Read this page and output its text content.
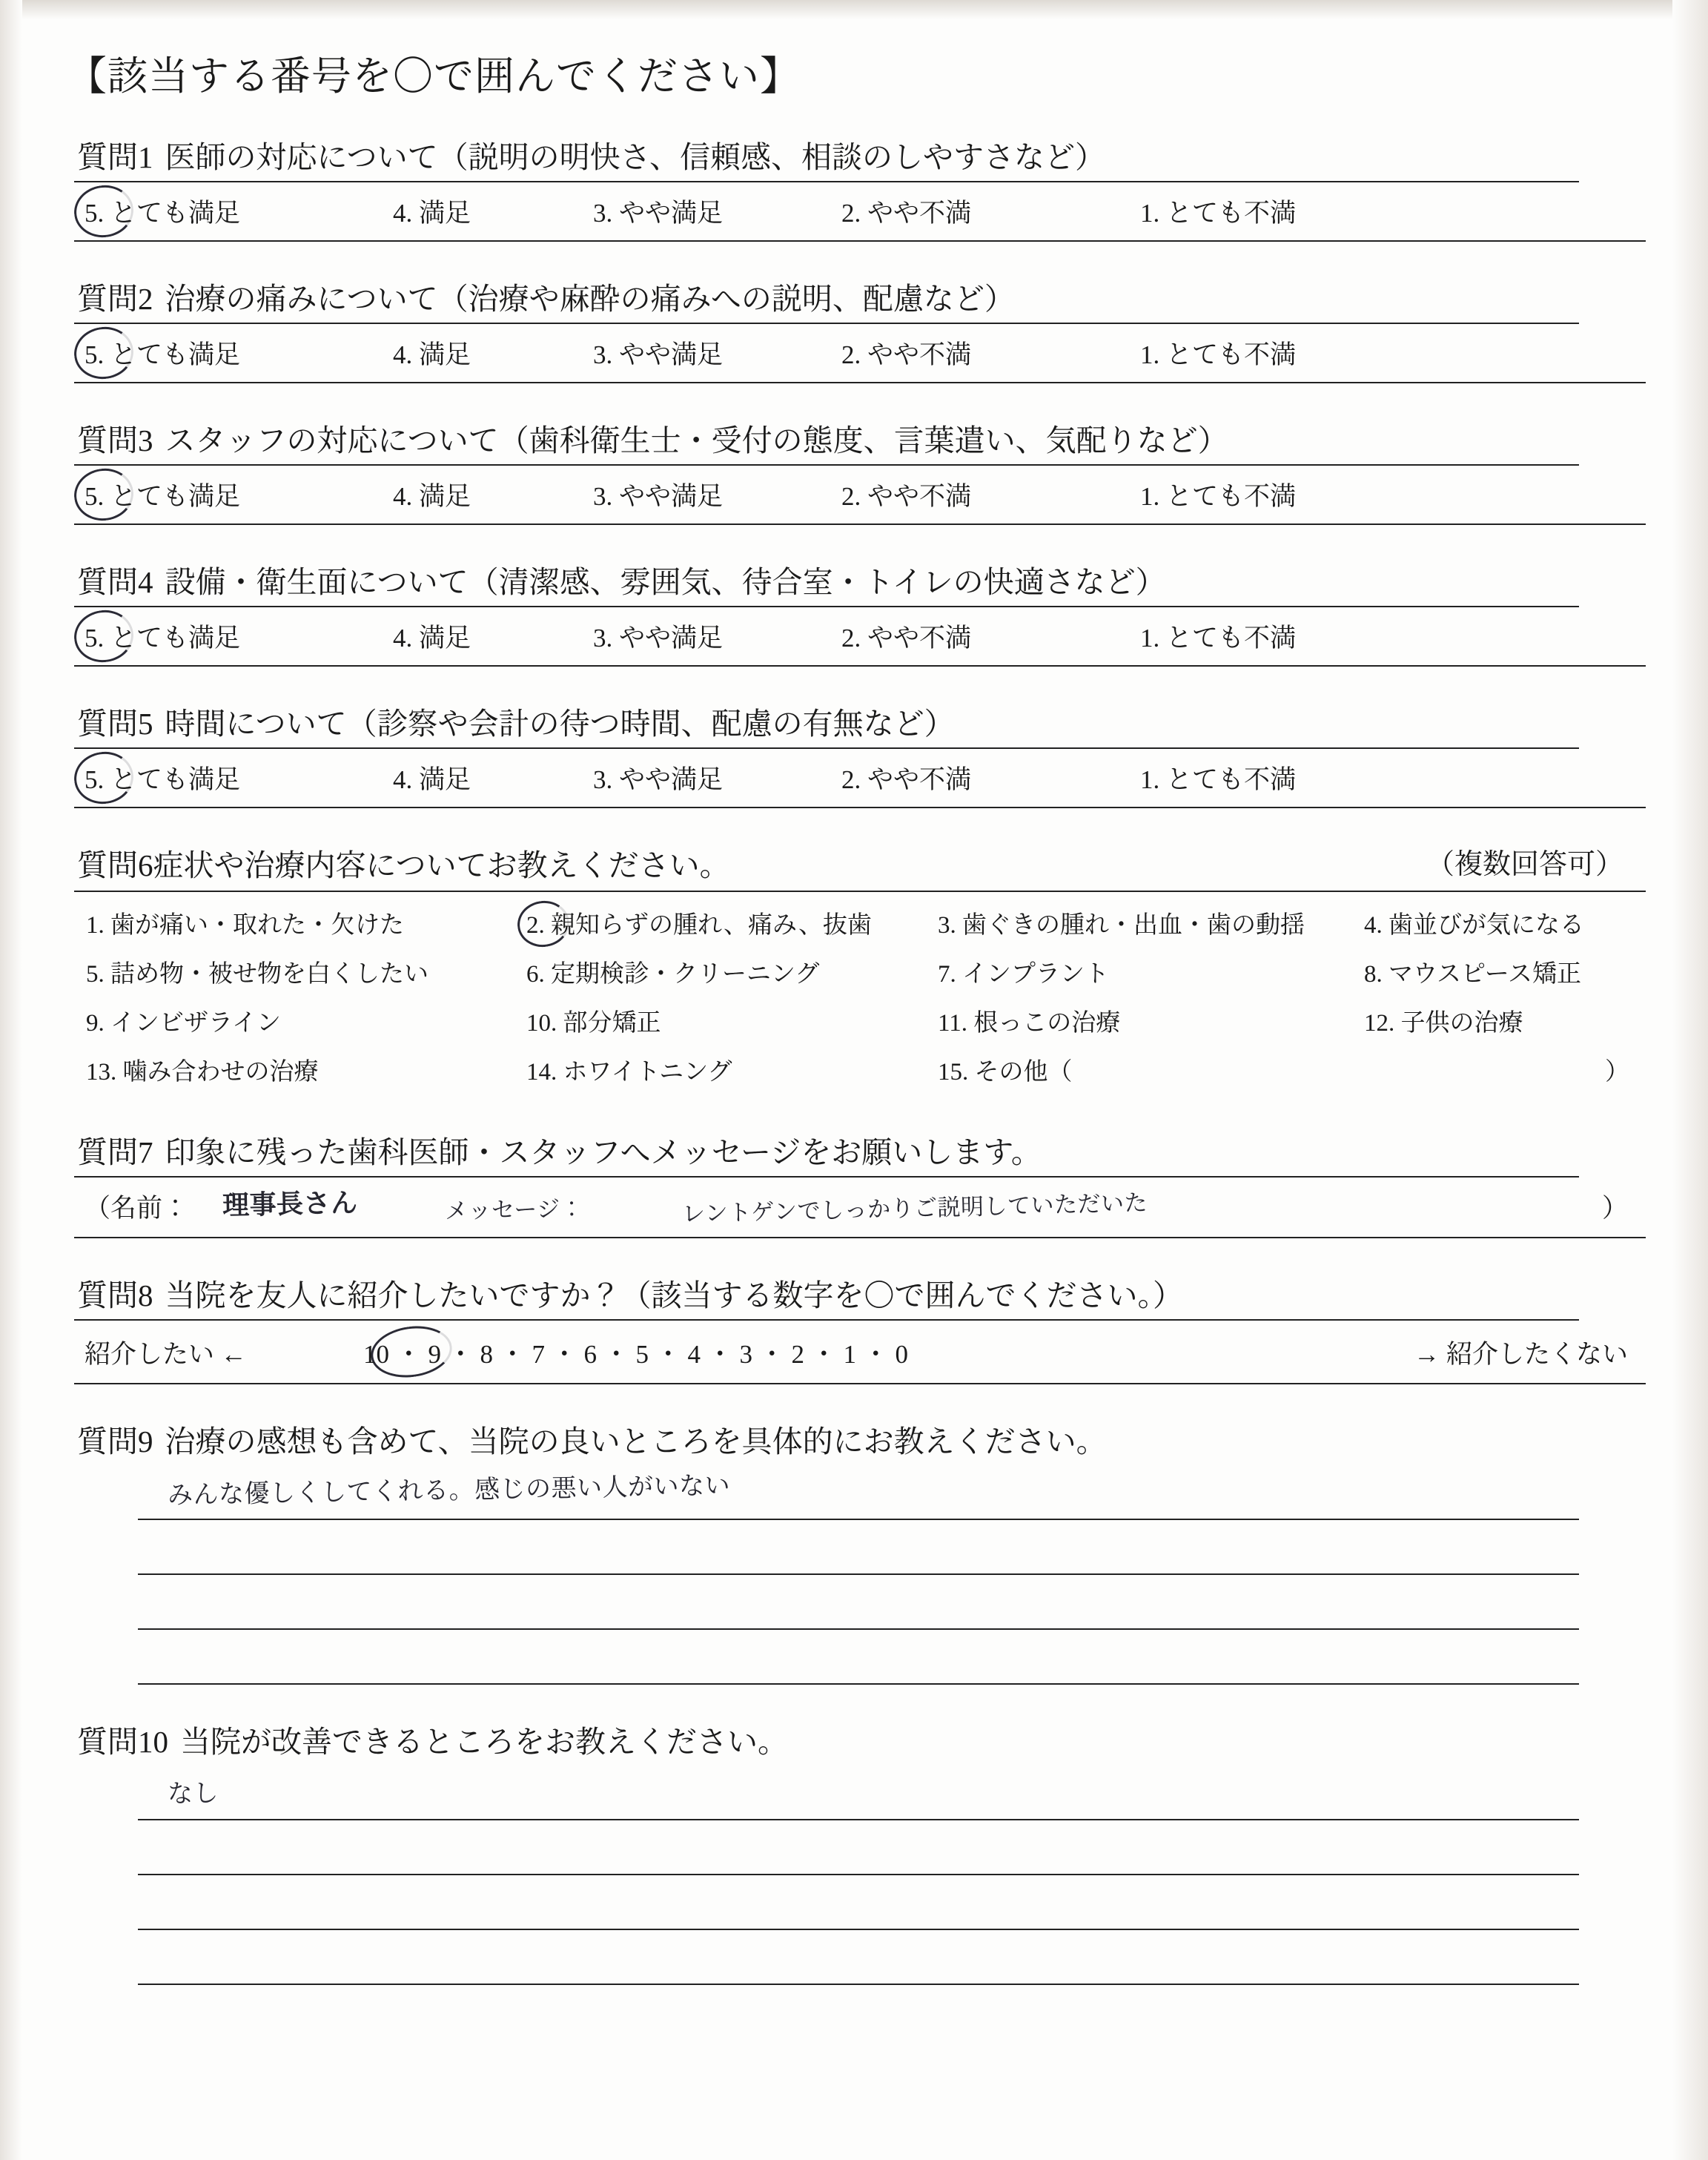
【該当する番号を〇で囲んでください】
質問1 医師の対応について（説明の明快さ、信頼感、相談のしやすさなど）
5. とても満足	4. 満足	3. やや満足	2. やや不満	1. とても不満
質問2 治療の痛みについて（治療や麻酔の痛みへの説明、配慮など）
5. とても満足	4. 満足	3. やや満足	2. やや不満	1. とても不満
質問3 スタッフの対応について（歯科衛生士・受付の態度、言葉遣い、気配りなど）
5. とても満足	4. 満足	3. やや満足	2. やや不満	1. とても不満
質問4 設備・衛生面について（清潔感、雰囲気、待合室・トイレの快適さなど）
5. とても満足	4. 満足	3. やや満足	2. やや不満	1. とても不満
質問5 時間について（診察や会計の待つ時間、配慮の有無など）
5. とても満足	4. 満足	3. やや満足	2. やや不満	1. とても不満
質問6症状や治療内容についてお教えください。	（複数回答可）
1. 歯が痛い・取れた・欠けた	2. 親知らずの腫れ、痛み、抜歯	3. 歯ぐきの腫れ・出血・歯の動揺 4. 歯並びが気になる
5. 詰め物・被せ物を白くしたい	6. 定期検診・クリーニング	7. インプラント	8. マウスピース矯正
9. インビザライン	10. 部分矯正	11. 根っこの治療	12. 子供の治療
13. 噛み合わせの治療	14. ホワイトニング	15. その他（	）
質問7 印象に残った歯科医師・スタッフへメッセージをお願いします。
（名前： 理事長さん	メッセージ：	レントゲンでしっかりご説明していただいた	）
質問8 当院を友人に紹介したいですか？（該当する数字を〇で囲んでください。）
紹介したい ←	10 ・ 9 ・ 8 ・ 7 ・ 6 ・ 5 ・ 4 ・ 3 ・ 2 ・ 1 ・ 0	→ 紹介したくない
質問9 治療の感想も含めて、当院の良いところを具体的にお教えください。
みんな優しくしてくれる。感じの悪い人がいない
質問10 当院が改善できるところをお教えください。
なし
